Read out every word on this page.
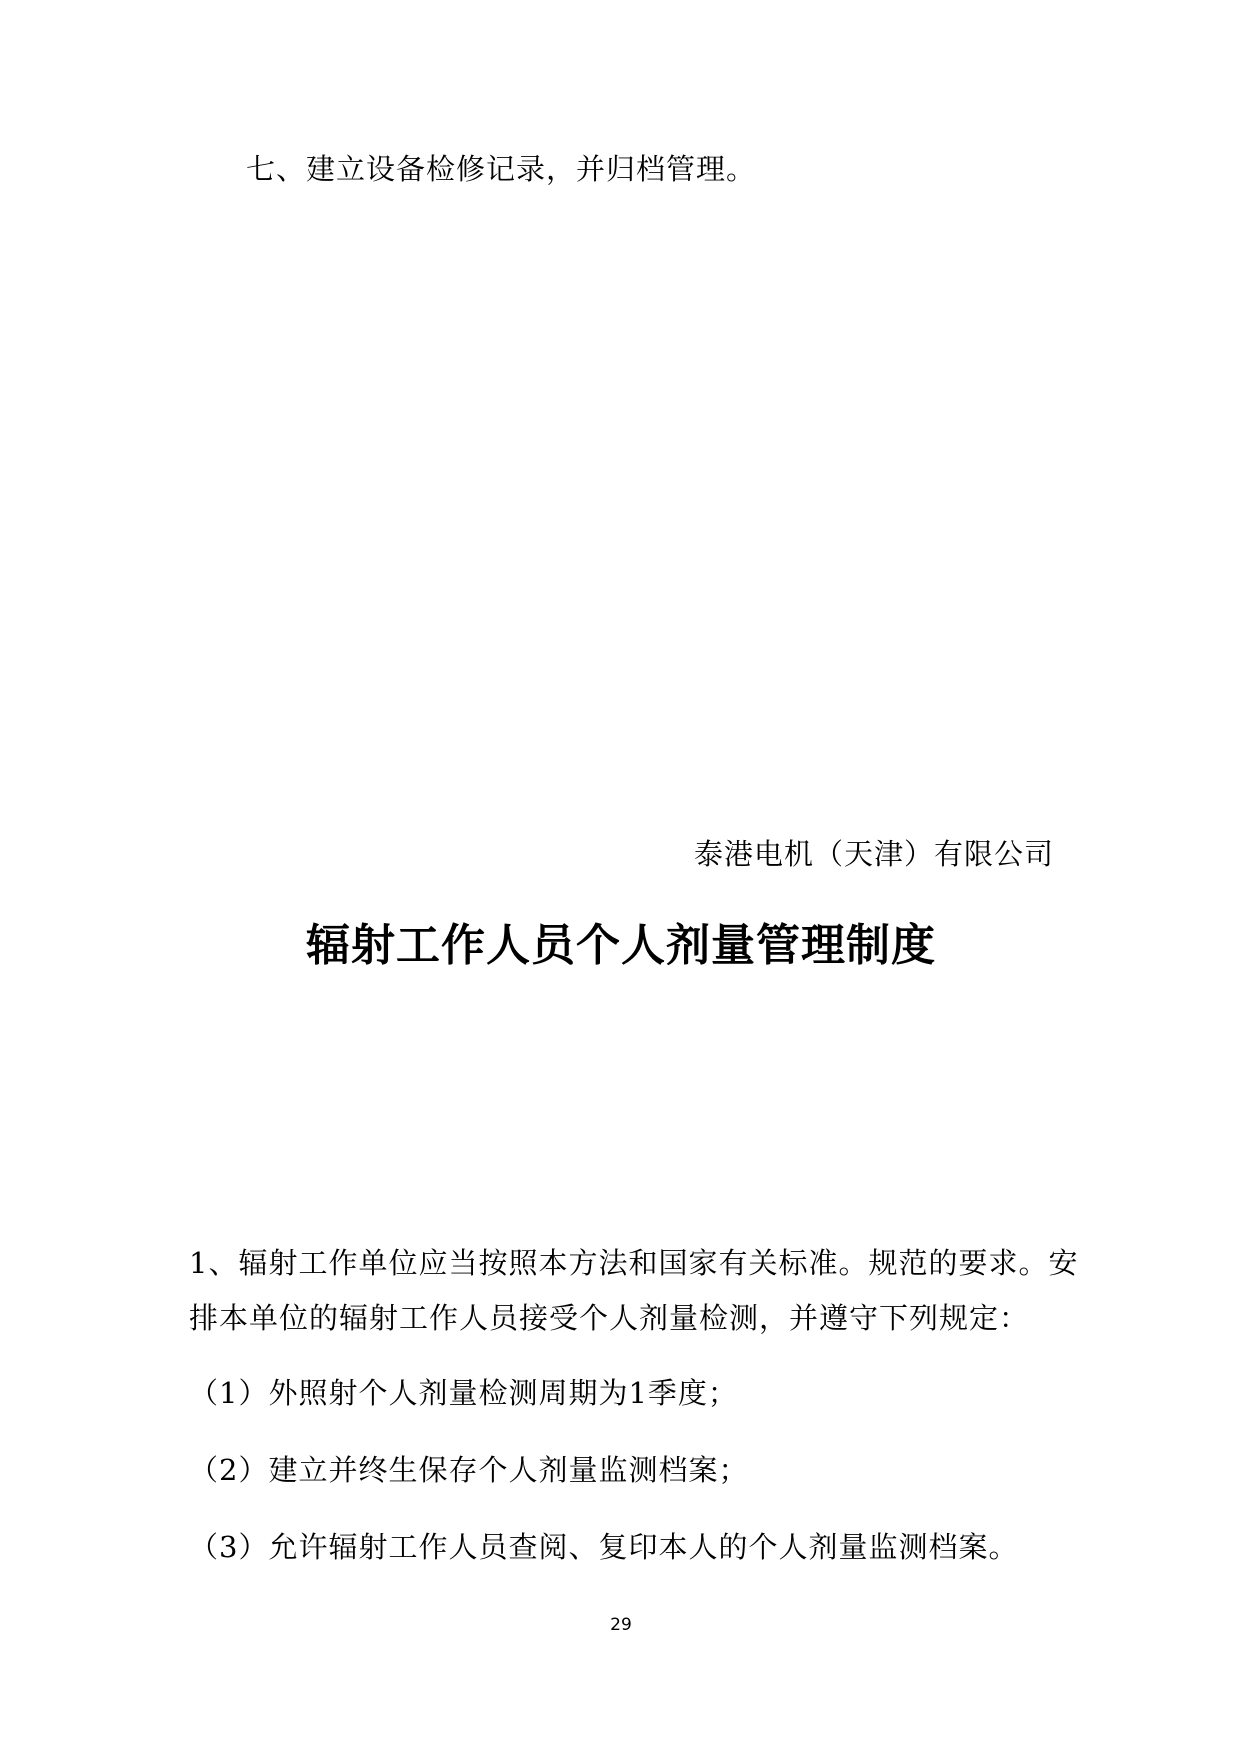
七、建立设备检修记录，并归档管理。
泰港电机（天津）有限公司
辐射工作人员个人剂量管理制度
1、辐射工作单位应当按照本方法和国家有关标准。规范的要求。安
排本单位的辐射工作人员接受个人剂量检测，并遵守下列规定：
（1）外照射个人剂量检测周期为1季度；
（2）建立并终生保存个人剂量监测档案；
（3）允许辐射工作人员查阅、复印本人的个人剂量监测档案。
29
